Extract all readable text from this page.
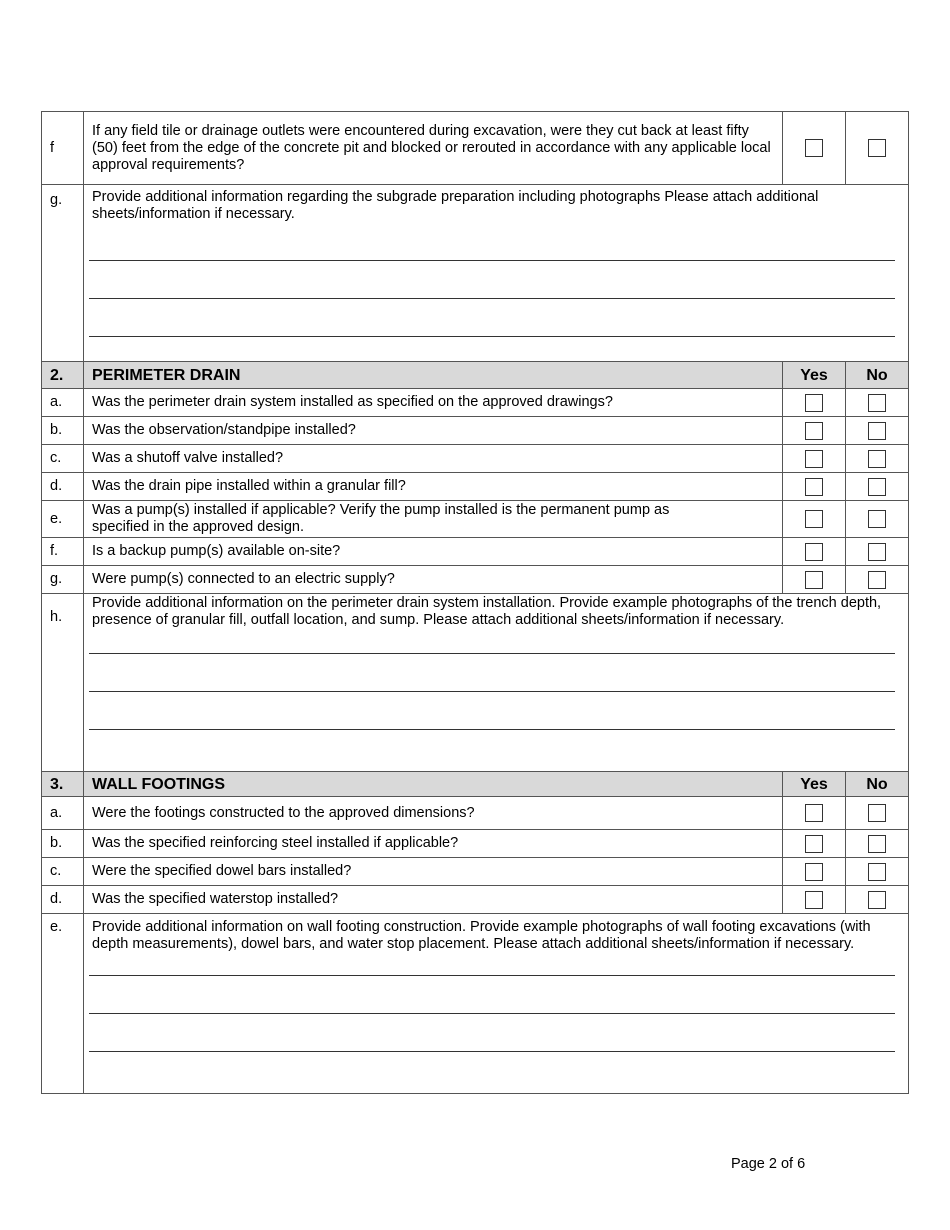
f	If any field tile or drainage outlets were encountered during excavation, were they cut back at least fifty (50) feet from the edge of the concrete pit and blocked or rerouted in accordance with any applicable local approval requirements?		

g.	Provide additional information regarding the subgrade preparation including photographs Please attach additional sheets/information if necessary.		

2.	PERIMETER DRAIN	Yes	No
a.	Was the perimeter drain system installed as specified on the approved drawings?		
b.	Was the observation/standpipe installed?		
c.	Was a shutoff valve installed?		
d.	Was the drain pipe installed within a granular fill?		
e.	Was a pump(s) installed if applicable? Verify the pump installed is the permanent pump as specified in the approved design.		
f.	Is a backup pump(s) available on-site?		
g.	Were pump(s) connected to an electric supply?		

h.	Provide additional information on the perimeter drain system installation. Provide example photographs of the trench depth, presence of granular fill, outfall location, and sump. Please attach additional sheets/information if necessary.		

3.	WALL FOOTINGS	Yes	No
a.	Were the footings constructed to the approved dimensions?		
b.	Was the specified reinforcing steel installed if applicable?		
c.	Were the specified dowel bars installed?		
d.	Was the specified waterstop installed?		

e.	Provide additional information on wall footing construction. Provide example photographs of wall footing excavations (with depth measurements), dowel bars, and water stop placement. Please attach additional sheets/information if necessary.		
Page 2 of 6
